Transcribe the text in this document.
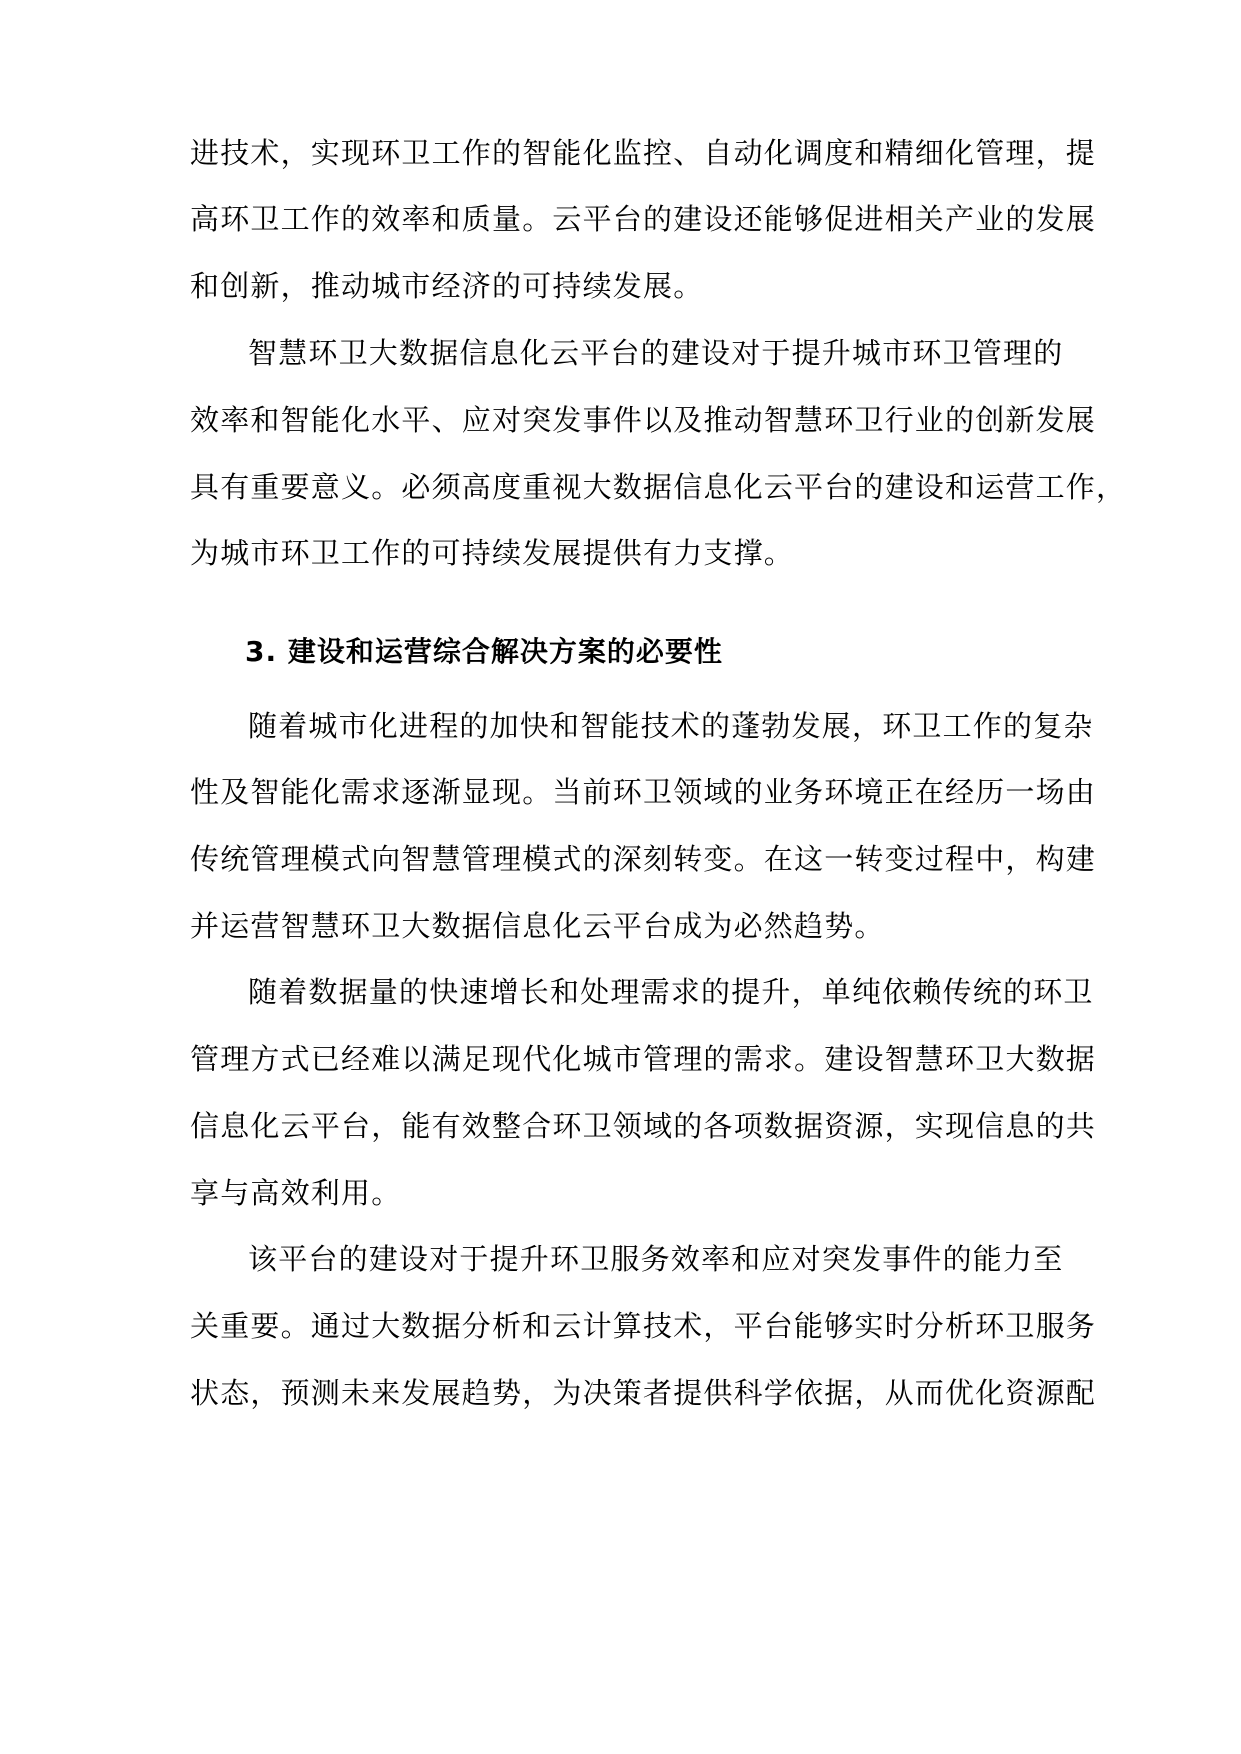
进技术，实现环卫工作的智能化监控、自动化调度和精细化管理，提
高环卫工作的效率和质量。云平台的建设还能够促进相关产业的发展
和创新，推动城市经济的可持续发展。
智慧环卫大数据信息化云平台的建设对于提升城市环卫管理的
效率和智能化水平、应对突发事件以及推动智慧环卫行业的创新发展
具有重要意义。必须高度重视大数据信息化云平台的建设和运营工作，
为城市环卫工作的可持续发展提供有力支撑。
3. 建设和运营综合解决方案的必要性
随着城市化进程的加快和智能技术的蓬勃发展，环卫工作的复杂
性及智能化需求逐渐显现。当前环卫领域的业务环境正在经历一场由
传统管理模式向智慧管理模式的深刻转变。在这一转变过程中，构建
并运营智慧环卫大数据信息化云平台成为必然趋势。
随着数据量的快速增长和处理需求的提升，单纯依赖传统的环卫
管理方式已经难以满足现代化城市管理的需求。建设智慧环卫大数据
信息化云平台，能有效整合环卫领域的各项数据资源，实现信息的共
享与高效利用。
该平台的建设对于提升环卫服务效率和应对突发事件的能力至
关重要。通过大数据分析和云计算技术，平台能够实时分析环卫服务
状态，预测未来发展趋势，为决策者提供科学依据，从而优化资源配
